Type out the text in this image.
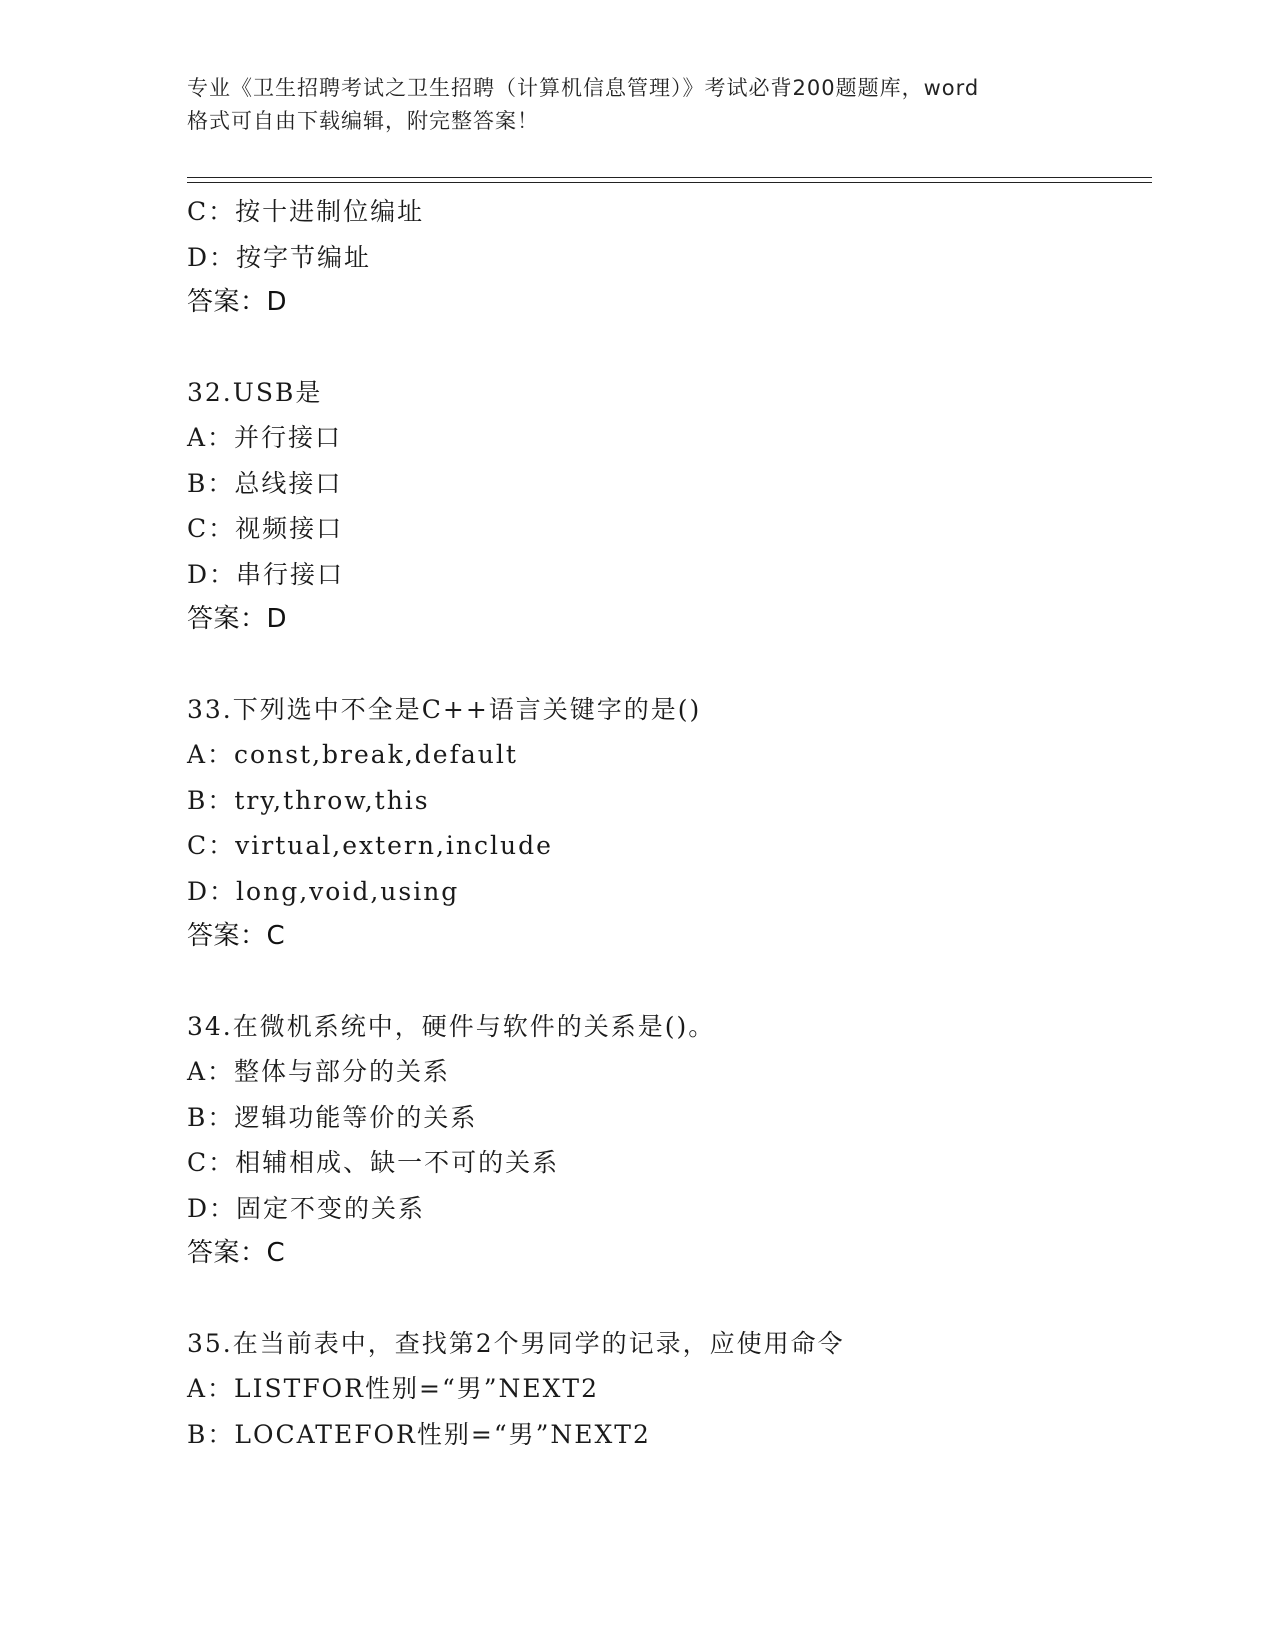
专业《卫生招聘考试之卫生招聘（计算机信息管理）》考试必背200题题库，word
格式可自由下载编辑，附完整答案！
C：按十进制位编址
D：按字节编址
答案：D
32.USB是
A：并行接口
B：总线接口
C：视频接口
D：串行接口
答案：D
33.下列选中不全是C++语言关键字的是()
A：const,break,default
B：try,throw,this
C：virtual,extern,include
D：long,void,using
答案：C
34.在微机系统中，硬件与软件的关系是()。
A：整体与部分的关系
B：逻辑功能等价的关系
C：相辅相成、缺一不可的关系
D：固定不变的关系
答案：C
35.在当前表中，查找第2个男同学的记录，应使用命令
A：LISTFOR性别=“男”NEXT2
B：LOCATEFOR性别=“男”NEXT2
